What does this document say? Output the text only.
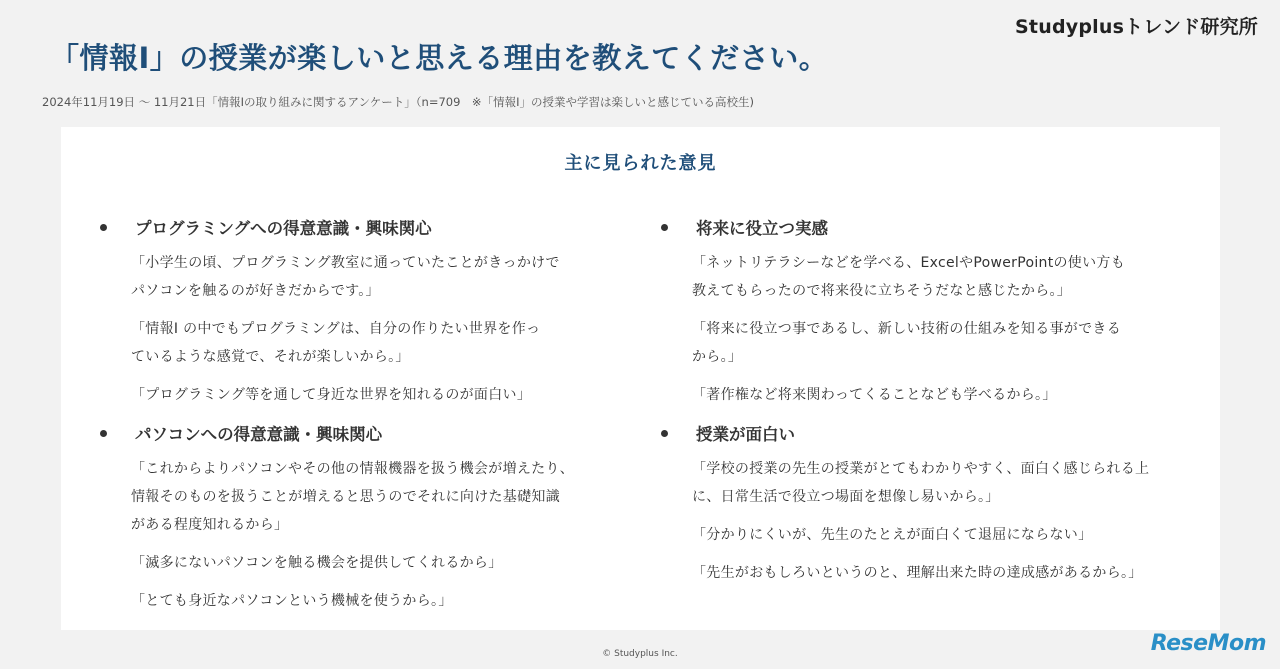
Studyplusトレンド研究所
「情報Ⅰ」の授業が楽しいと思える理由を教えてください。
2024年11月19日 〜 11月21日「情報Ⅰの取り組みに関するアンケート」（n=709　※「情報Ⅰ」の授業や学習は楽しいと感じている高校生)
主に見られた意見
プログラミングへの得意意識・興味関心
「小学生の頃、プログラミング教室に通っていたことがきっかけで
パソコンを触るのが好きだからです。」
「情報Ⅰ の中でもプログラミングは、自分の作りたい世界を作っ
ているような感覚で、それが楽しいから。」
「プログラミング等を通して身近な世界を知れるのが面白い」
パソコンへの得意意識・興味関心
「これからよりパソコンやその他の情報機器を扱う機会が増えたり、
情報そのものを扱うことが増えると思うのでそれに向けた基礎知識
がある程度知れるから」
「滅多にないパソコンを触る機会を提供してくれるから」
「とても身近なパソコンという機械を使うから。」
将来に役立つ実感
「ネットリテラシーなどを学べる、ExcelやPowerPointの使い方も
教えてもらったので将来役に立ちそうだなと感じたから。」
「将来に役立つ事であるし、新しい技術の仕組みを知る事ができる
から。」
「著作権など将来関わってくることなども学べるから。」
授業が面白い
「学校の授業の先生の授業がとてもわかりやすく、面白く感じられる上
に、日常生活で役立つ場面を想像し易いから。」
「分かりにくいが、先生のたとえが面白くて退屈にならない」
「先生がおもしろいというのと、理解出来た時の達成感があるから。」
© Studyplus Inc.	ReseMom
